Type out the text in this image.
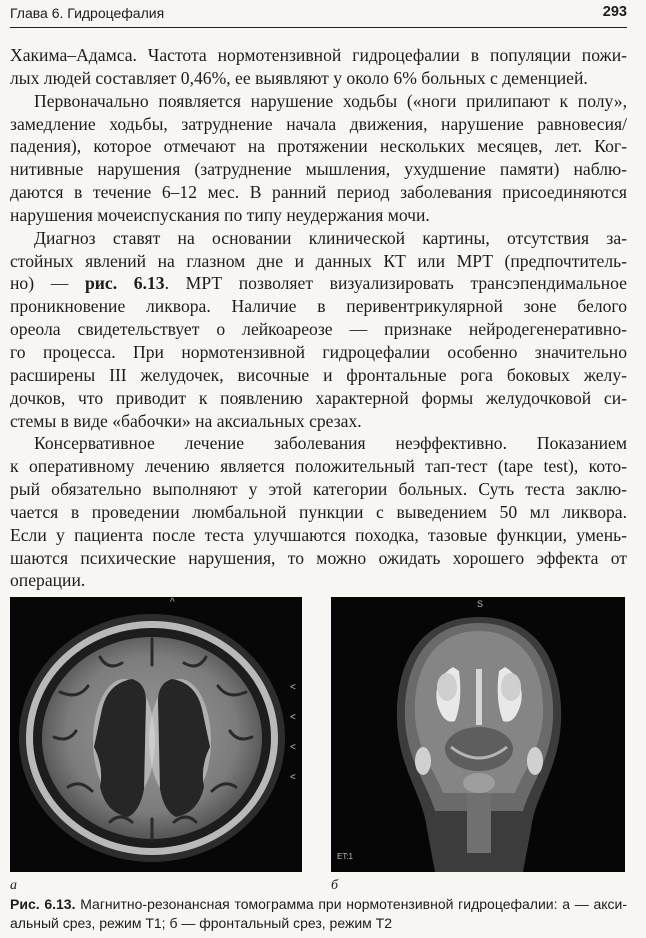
Глава 6. Гидроцефалия	293
Хакима–Адамса. Частота нормотензивной гидроцефалии в популяции пожи-
лых людей составляет 0,46%, ее выявляют у около 6% больных с деменцией.
Первоначально появляется нарушение ходьбы («ноги прилипают к полу»,
замедление ходьбы, затруднение начала движения, нарушение равновесия/
падения), которое отмечают на протяжении нескольких месяцев, лет. Ког-
нитивные нарушения (затруднение мышления, ухудшение памяти) наблю-
даются в течение 6–12 мес. В ранний период заболевания присоединяются
нарушения мочеиспускания по типу неудержания мочи.
Диагноз ставят на основании клинической картины, отсутствия за-
стойных явлений на глазном дне и данных КТ или МРТ (предпочтитель-
но) — рис. 6.13. МРТ позволяет визуализировать трансэпендимальное
проникновение ликвора. Наличие в перивентрикулярной зоне белого
ореола свидетельствует о лейкоареозе — признаке нейродегенеративно-
го процесса. При нормотензивной гидроцефалии особенно значительно
расширены III желудочек, височные и фронтальные рога боковых желу-
дочков, что приводит к появлению характерной формы желудочковой си-
стемы в виде «бабочки» на аксиальных срезах.
Консервативное лечение заболевания неэффективно. Показанием
к оперативному лечению является положительный тап-тест (tape test), кото-
рый обязательно выполняют у этой категории больных. Суть теста заклю-
чается в проведении люмбальной пункции с выведением 50 мл ликвора.
Если у пациента после теста улучшаются походка, тазовые функции, умень-
шаются психические нарушения, то можно ожидать хорошего эффекта от
операции.
^
<
<
<
<
S
ET:1
а	б
Рис. 6.13. Магнитно-резонансная томограмма при нормотензивной гидроцефалии: а — акси-
альный срез, режим Т1; б — фронтальный срез, режим Т2
